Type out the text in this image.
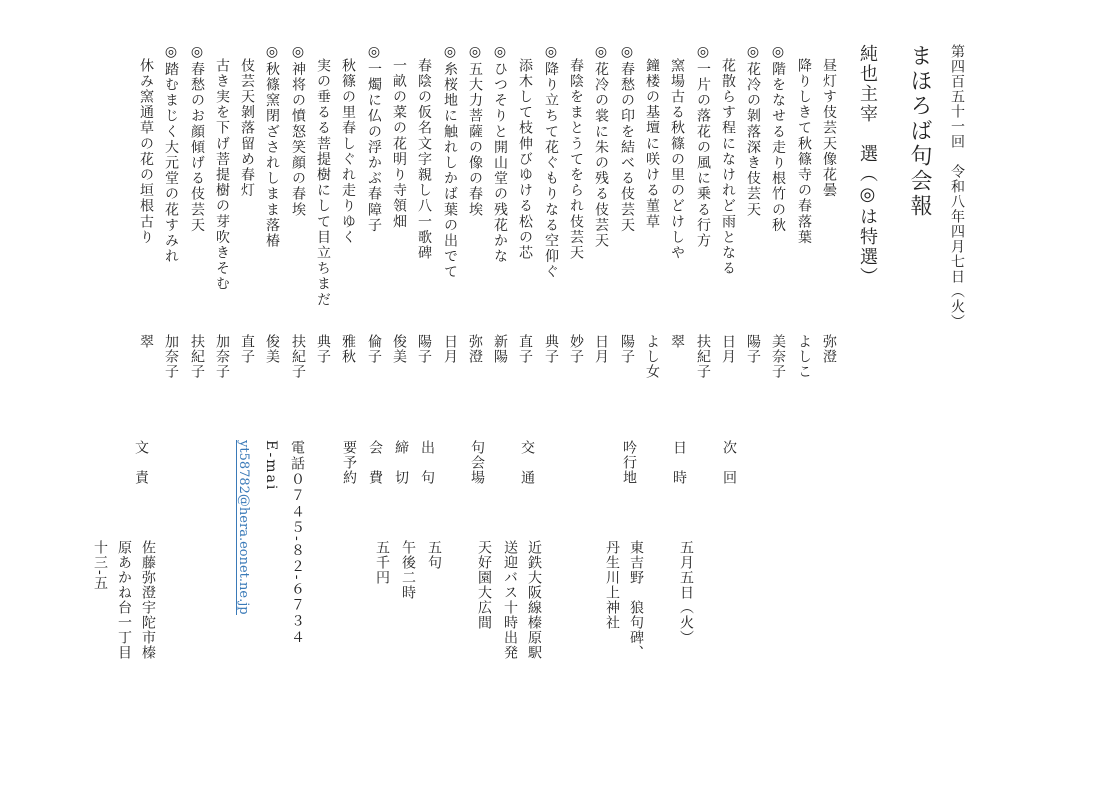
第四百五十一回　令和八年四月七日（火）
まほろば句会報
純也主宰　選（◎は特選）
昼灯す伎芸天像花曇
弥澄
降りしきて秋篠寺の春落葉
よしこ
◎階をなせる走り根竹の秋
美奈子
◎花冷の剝落深き伎芸天
陽子
花散らす程になけれど雨となる
日月
◎一片の落花の風に乗る行方
扶紀子
窯場古る秋篠の里のどけしや
翠
鐘楼の基壇に咲ける菫草
よし女
◎春愁の印を結べる伎芸天
陽子
◎花冷の裳に朱の残る伎芸天
日月
春陰をまとうてをられ伎芸天
妙子
◎降り立ちて花ぐもりなる空仰ぐ
典子
添木して枝伸びゆける松の芯
直子
◎ひつそりと開山堂の残花かな
新陽
◎五大力菩薩の像の春埃
弥澄
◎糸桜地に触れしかば葉の出でて
日月
春陰の仮名文字親し八一歌碑
陽子
一畝の菜の花明り寺領畑
俊美
◎一燭に仏の浮かぶ春障子
倫子
秋篠の里春しぐれ走りゆく
雅秋
実の垂るる菩提樹にして目立ちまだ
典子
◎神将の憤怒笑顔の春埃
扶紀子
◎秋篠窯閉ざされしまま落椿
俊美
伎芸天剝落留め春灯
直子
古き実を下げ菩提樹の芽吹きそむ
加奈子
◎春愁のお顔傾げる伎芸天
扶紀子
◎踏むまじく大元堂の花すみれ
加奈子
休み窯通草の花の垣根古り
翠
次　回
日　時
五月五日（火）
吟行地
東吉野　狼句碑、丹生川上神社
交　通
近鉄大阪線榛原駅送迎バス十時出発
句会場
天好園大広間
出　句
五句
締　切
午後二時
会　費
五千円
要予約
文　責
佐藤弥澄宇陀市榛原あかね台一丁目十三-五	電話０７４５-８２-６７３４
E-mai
yt58782@hera.eonet.ne.jp
